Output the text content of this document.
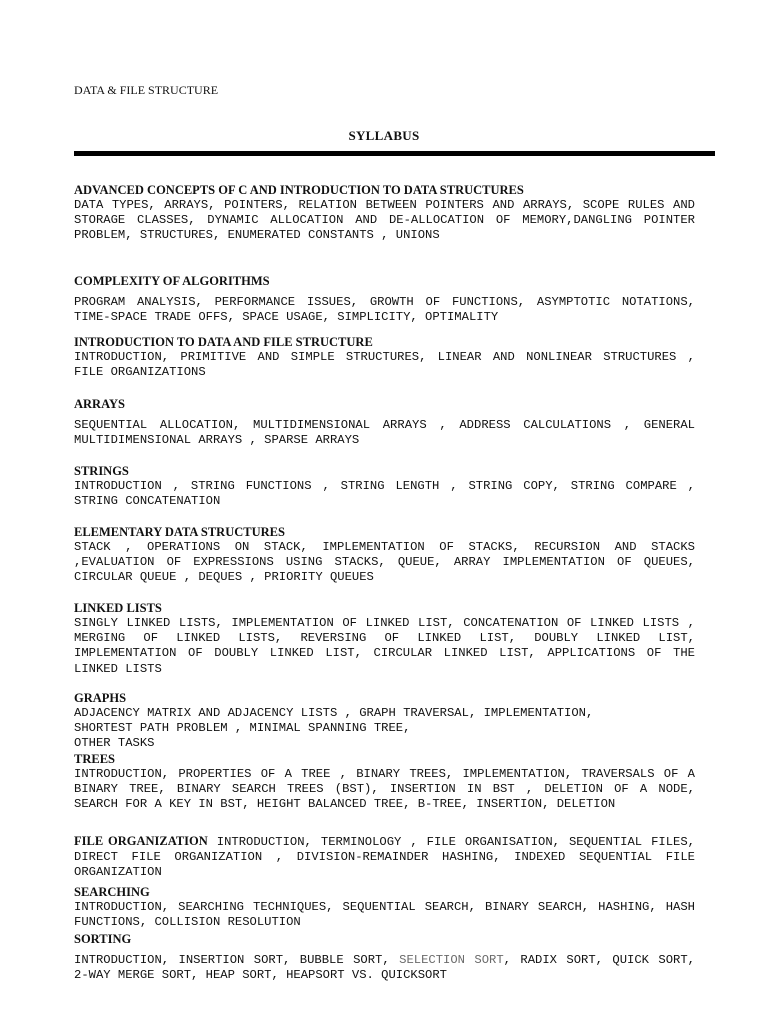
DATA & FILE STRUCTURE
SYLLABUS
ADVANCED CONCEPTS OF C AND INTRODUCTION TO DATA STRUCTURES
DATA TYPES, ARRAYS, POINTERS, RELATION BETWEEN POINTERS AND ARRAYS, SCOPE RULES AND STORAGE CLASSES, DYNAMIC ALLOCATION AND DE-ALLOCATION OF MEMORY,DANGLING POINTER PROBLEM, STRUCTURES, ENUMERATED CONSTANTS , UNIONS
COMPLEXITY OF ALGORITHMS
PROGRAM ANALYSIS, PERFORMANCE ISSUES, GROWTH OF FUNCTIONS, ASYMPTOTIC NOTATIONS, TIME-SPACE TRADE OFFS, SPACE USAGE, SIMPLICITY, OPTIMALITY
INTRODUCTION TO DATA AND FILE STRUCTURE
INTRODUCTION, PRIMITIVE AND SIMPLE STRUCTURES, LINEAR AND NONLINEAR STRUCTURES , FILE ORGANIZATIONS
ARRAYS
SEQUENTIAL ALLOCATION, MULTIDIMENSIONAL ARRAYS , ADDRESS CALCULATIONS , GENERAL MULTIDIMENSIONAL ARRAYS , SPARSE ARRAYS
STRINGS
INTRODUCTION , STRING FUNCTIONS , STRING LENGTH , STRING COPY, STRING COMPARE , STRING CONCATENATION
ELEMENTARY DATA STRUCTURES
STACK , OPERATIONS ON STACK, IMPLEMENTATION OF STACKS, RECURSION AND STACKS ,EVALUATION OF EXPRESSIONS USING STACKS, QUEUE, ARRAY IMPLEMENTATION OF QUEUES, CIRCULAR QUEUE , DEQUES , PRIORITY QUEUES
LINKED LISTS
SINGLY LINKED LISTS, IMPLEMENTATION OF LINKED LIST, CONCATENATION OF LINKED LISTS , MERGING OF LINKED LISTS, REVERSING OF LINKED LIST, DOUBLY LINKED LIST, IMPLEMENTATION OF DOUBLY LINKED LIST, CIRCULAR LINKED LIST, APPLICATIONS OF THE LINKED LISTS
GRAPHS
ADJACENCY MATRIX AND ADJACENCY LISTS , GRAPH TRAVERSAL, IMPLEMENTATION,
SHORTEST PATH PROBLEM , MINIMAL SPANNING TREE,
OTHER TASKS
TREES
INTRODUCTION, PROPERTIES OF A TREE , BINARY TREES, IMPLEMENTATION, TRAVERSALS OF A BINARY TREE, BINARY SEARCH TREES (BST), INSERTION IN BST , DELETION OF A NODE, SEARCH FOR A KEY IN BST, HEIGHT BALANCED TREE, B-TREE, INSERTION, DELETION
FILE ORGANIZATION INTRODUCTION, TERMINOLOGY , FILE ORGANISATION, SEQUENTIAL FILES, DIRECT FILE ORGANIZATION , DIVISION-REMAINDER HASHING, INDEXED SEQUENTIAL FILE ORGANIZATION
SEARCHING
INTRODUCTION, SEARCHING TECHNIQUES, SEQUENTIAL SEARCH, BINARY SEARCH, HASHING, HASH FUNCTIONS, COLLISION RESOLUTION
SORTING
INTRODUCTION, INSERTION SORT, BUBBLE SORT, SELECTION SORT, RADIX SORT, QUICK SORT, 2-WAY MERGE SORT, HEAP SORT, HEAPSORT VS. QUICKSORT
